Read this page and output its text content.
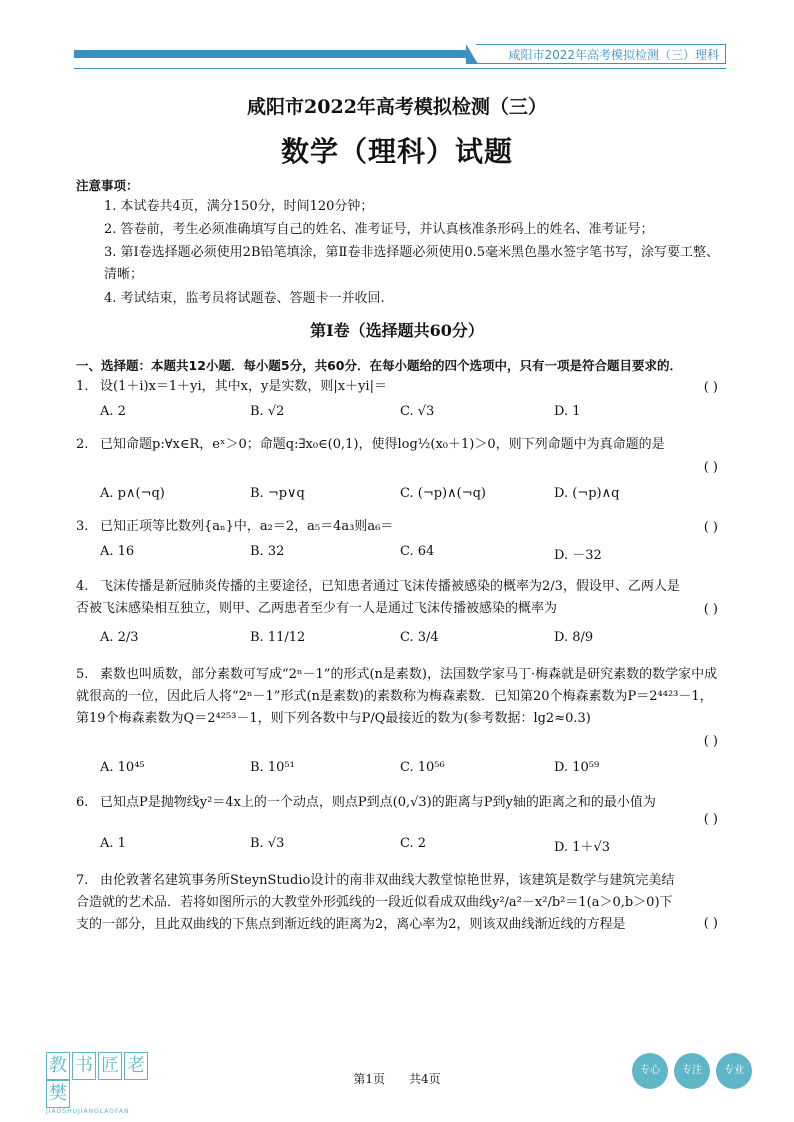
咸阳市2022年高考模拟检测（三）理科
咸阳市2022年高考模拟检测（三）
数学（理科）试题
注意事项：
1. 本试卷共4页，满分150分，时间120分钟；
2. 答卷前，考生必须准确填写自己的姓名、准考证号，并认真核准条形码上的姓名、准考证号；
3. 第Ⅰ卷选择题必须使用2B铅笔填涂，第Ⅱ卷非选择题必须使用0.5毫米黑色墨水签字笔书写，涂写要工整、清晰；
4. 考试结束，监考员将试题卷、答题卡一并收回.
第Ⅰ卷（选择题共60分）
一、选择题：本题共12小题．每小题5分，共60分．在每小题给的四个选项中，只有一项是符合题目要求的．
1. 设(1＋i)x＝1＋yi，其中x，y是实数，则|x＋yi|＝	( )
A. 2	B. √2	C. √3	D. 1
2. 已知命题p:∀x∈R，eˣ＞0；命题q:∃x₀∈(0,1)，使得log½(x₀＋1)＞0，则下列命题中为真命题的是
( )
A. p∧(¬q)	B. ¬p∨q	C. (¬p)∧(¬q)	D. (¬p)∧q
3. 已知正项等比数列{aₙ}中，a₂＝2，a₅＝4a₃则a₆＝	( )
A. 16	B. 32	C. 64	D. －32
4. 飞沫传播是新冠肺炎传播的主要途径，已知患者通过飞沫传播被感染的概率为2/3，假设甲、乙两人是否被飞沫感染相互独立，则甲、乙两患者至少有一人是通过飞沫传播被感染的概率为	( )
A. 2/3	B. 11/12	C. 3/4	D. 8/9
5. 素数也叫质数，部分素数可写成“2ⁿ－1”的形式(n是素数)，法国数学家马丁·梅森就是研究素数的数学家中成就很高的一位，因此后人将“2ⁿ－1”形式(n是素数)的素数称为梅森素数．已知第20个梅森素数为P＝2⁴⁴²³－1，第19个梅森素数为Q＝2⁴²⁵³－1，则下列各数中与P/Q最接近的数为(参考数据：lg2≈0.3)
( )
A. 10⁴⁵	B. 10⁵¹	C. 10⁵⁶	D. 10⁵⁹
6. 已知点P是抛物线y²＝4x上的一个动点，则点P到点(0,√3)的距离与P到y轴的距离之和的最小值为
( )
A. 1	B. √3	C. 2	D. 1＋√3
7. 由伦敦著名建筑事务所SteynStudio设计的南非双曲线大教堂惊艳世界，该建筑是数学与建筑完美结合造就的艺术品．若将如图所示的大教堂外形弧线的一段近似看成双曲线y²/a²－x²/b²＝1(a＞0,b＞0)下支的一部分，且此双曲线的下焦点到渐近线的距离为2，离心率为2，则该双曲线渐近线的方程是	( )
教 书 匠 老樊
JIAOSHUJIANGLAOFAN
第1页　　共4页
专心	专注	专业
